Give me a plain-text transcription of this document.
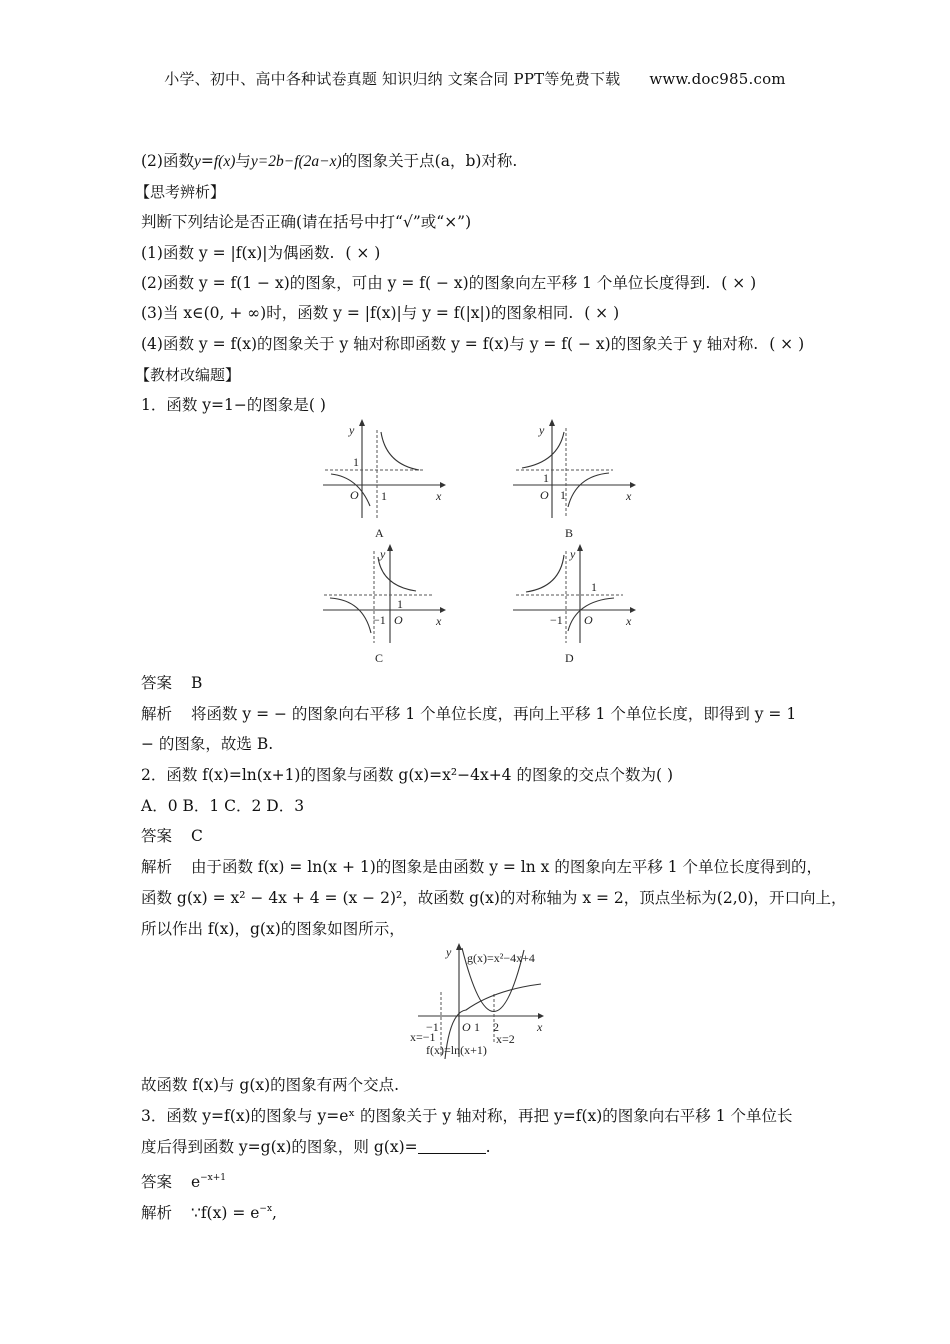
小学、初中、高中各种试卷真题 知识归纳 文案合同 PPT等免费下载 www.doc985.com
(2)函数y=f(x)与y=2b−f(2a−x)的图象关于点(a，b)对称.
【思考辨析】
判断下列结论是否正确(请在括号中打“√”或“×”)
(1)函数 y = |f(x)|为偶函数. ( × )
(2)函数 y = f(1 − x)的图象，可由 y = f( − x)的图象向左平移 1 个单位长度得到. ( × )
(3)当 x∈(0, + ∞)时，函数 y = |f(x)|与 y = f(|x|)的图象相同. ( × )
(4)函数 y = f(x)的图象关于 y 轴对称即函数 y = f(x)与 y = f( − x)的图象关于 y 轴对称. ( × )
【教材改编题】
1．函数 y=1−的图象是( )
y
x
O 1
1
A
y
x
O 1
1
B
y
x
O
−1
1
C
y
x
O
−1
1
D
答案 B
解析 将函数 y = − 的图象向右平移 1 个单位长度，再向上平移 1 个单位长度，即得到 y = 1
− 的图象，故选 B.
2．函数 f(x)=ln(x+1)的图象与函数 g(x)=x²−4x+4 的图象的交点个数为( )
A．0 B．1 C．2 D．3
答案 C
解析 由于函数 f(x) = ln(x + 1)的图象是由函数 y = ln x 的图象向左平移 1 个单位长度得到的，
函数 g(x) = x² − 4x + 4 = (x − 2)²，故函数 g(x)的对称轴为 x = 2，顶点坐标为(2,0)，开口向上，
所以作出 f(x)，g(x)的图象如图所示，
y
x
O
−1	1 2
x=−1	x=2
g(x)=x²−4x+4
f(x)=ln(x+1)
故函数 f(x)与 g(x)的图象有两个交点.
3．函数 y=f(x)的图象与 y=eˣ 的图象关于 y 轴对称，再把 y=f(x)的图象向右平移 1 个单位长
度后得到函数 y=g(x)的图象，则 g(x)=	.
答案 $e^{-x+1}$
解析 ∵f(x) = $e^{-x}$,
